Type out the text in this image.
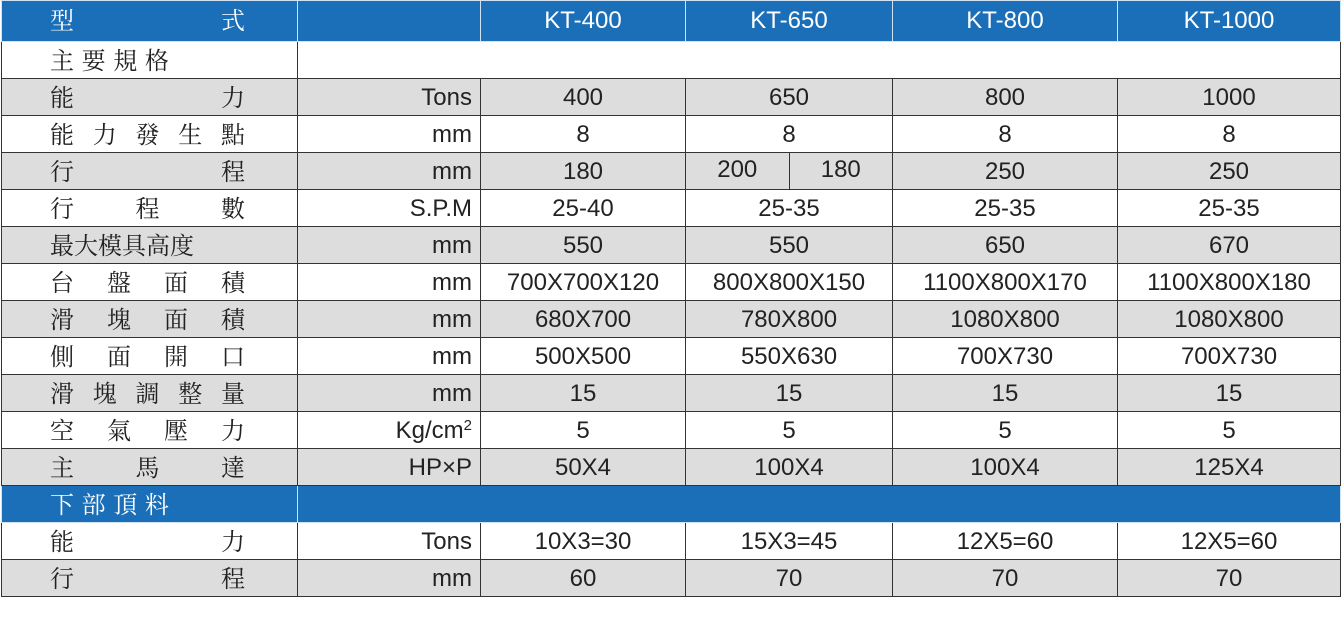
型　　　式		KT-400	KT-650	KT-800	KT-1000
主 要 規 格					
能　　　力	Tons	400	650	800	1000
能力發生點	mm	8	8	8	8
行　　　程	mm	180	200 180	250	250
行　程　數	S.P.M	25-40	25-35	25-35	25-35
最大模具高度	mm	550	550	650	670
台　盤　面　積	mm	700X700X120	800X800X150	1100X800X170	1100X800X180
滑　塊　面　積	mm	680X700	780X800	1080X800	1080X800
側　面　開　口	mm	500X500	550X630	700X730	700X730
滑塊調整量	mm	15	15	15	15
空　氣　壓　力	$Kg/cm^2$	5	5	5	5
主　　馬　　達	HP×P	50X4	100X4	100X4	125X4
下 部 頂 料					
能　　　力	Tons	10X3=30	15X3=45	12X5=60	12X5=60
行　　　程	mm	60	70	70	70
